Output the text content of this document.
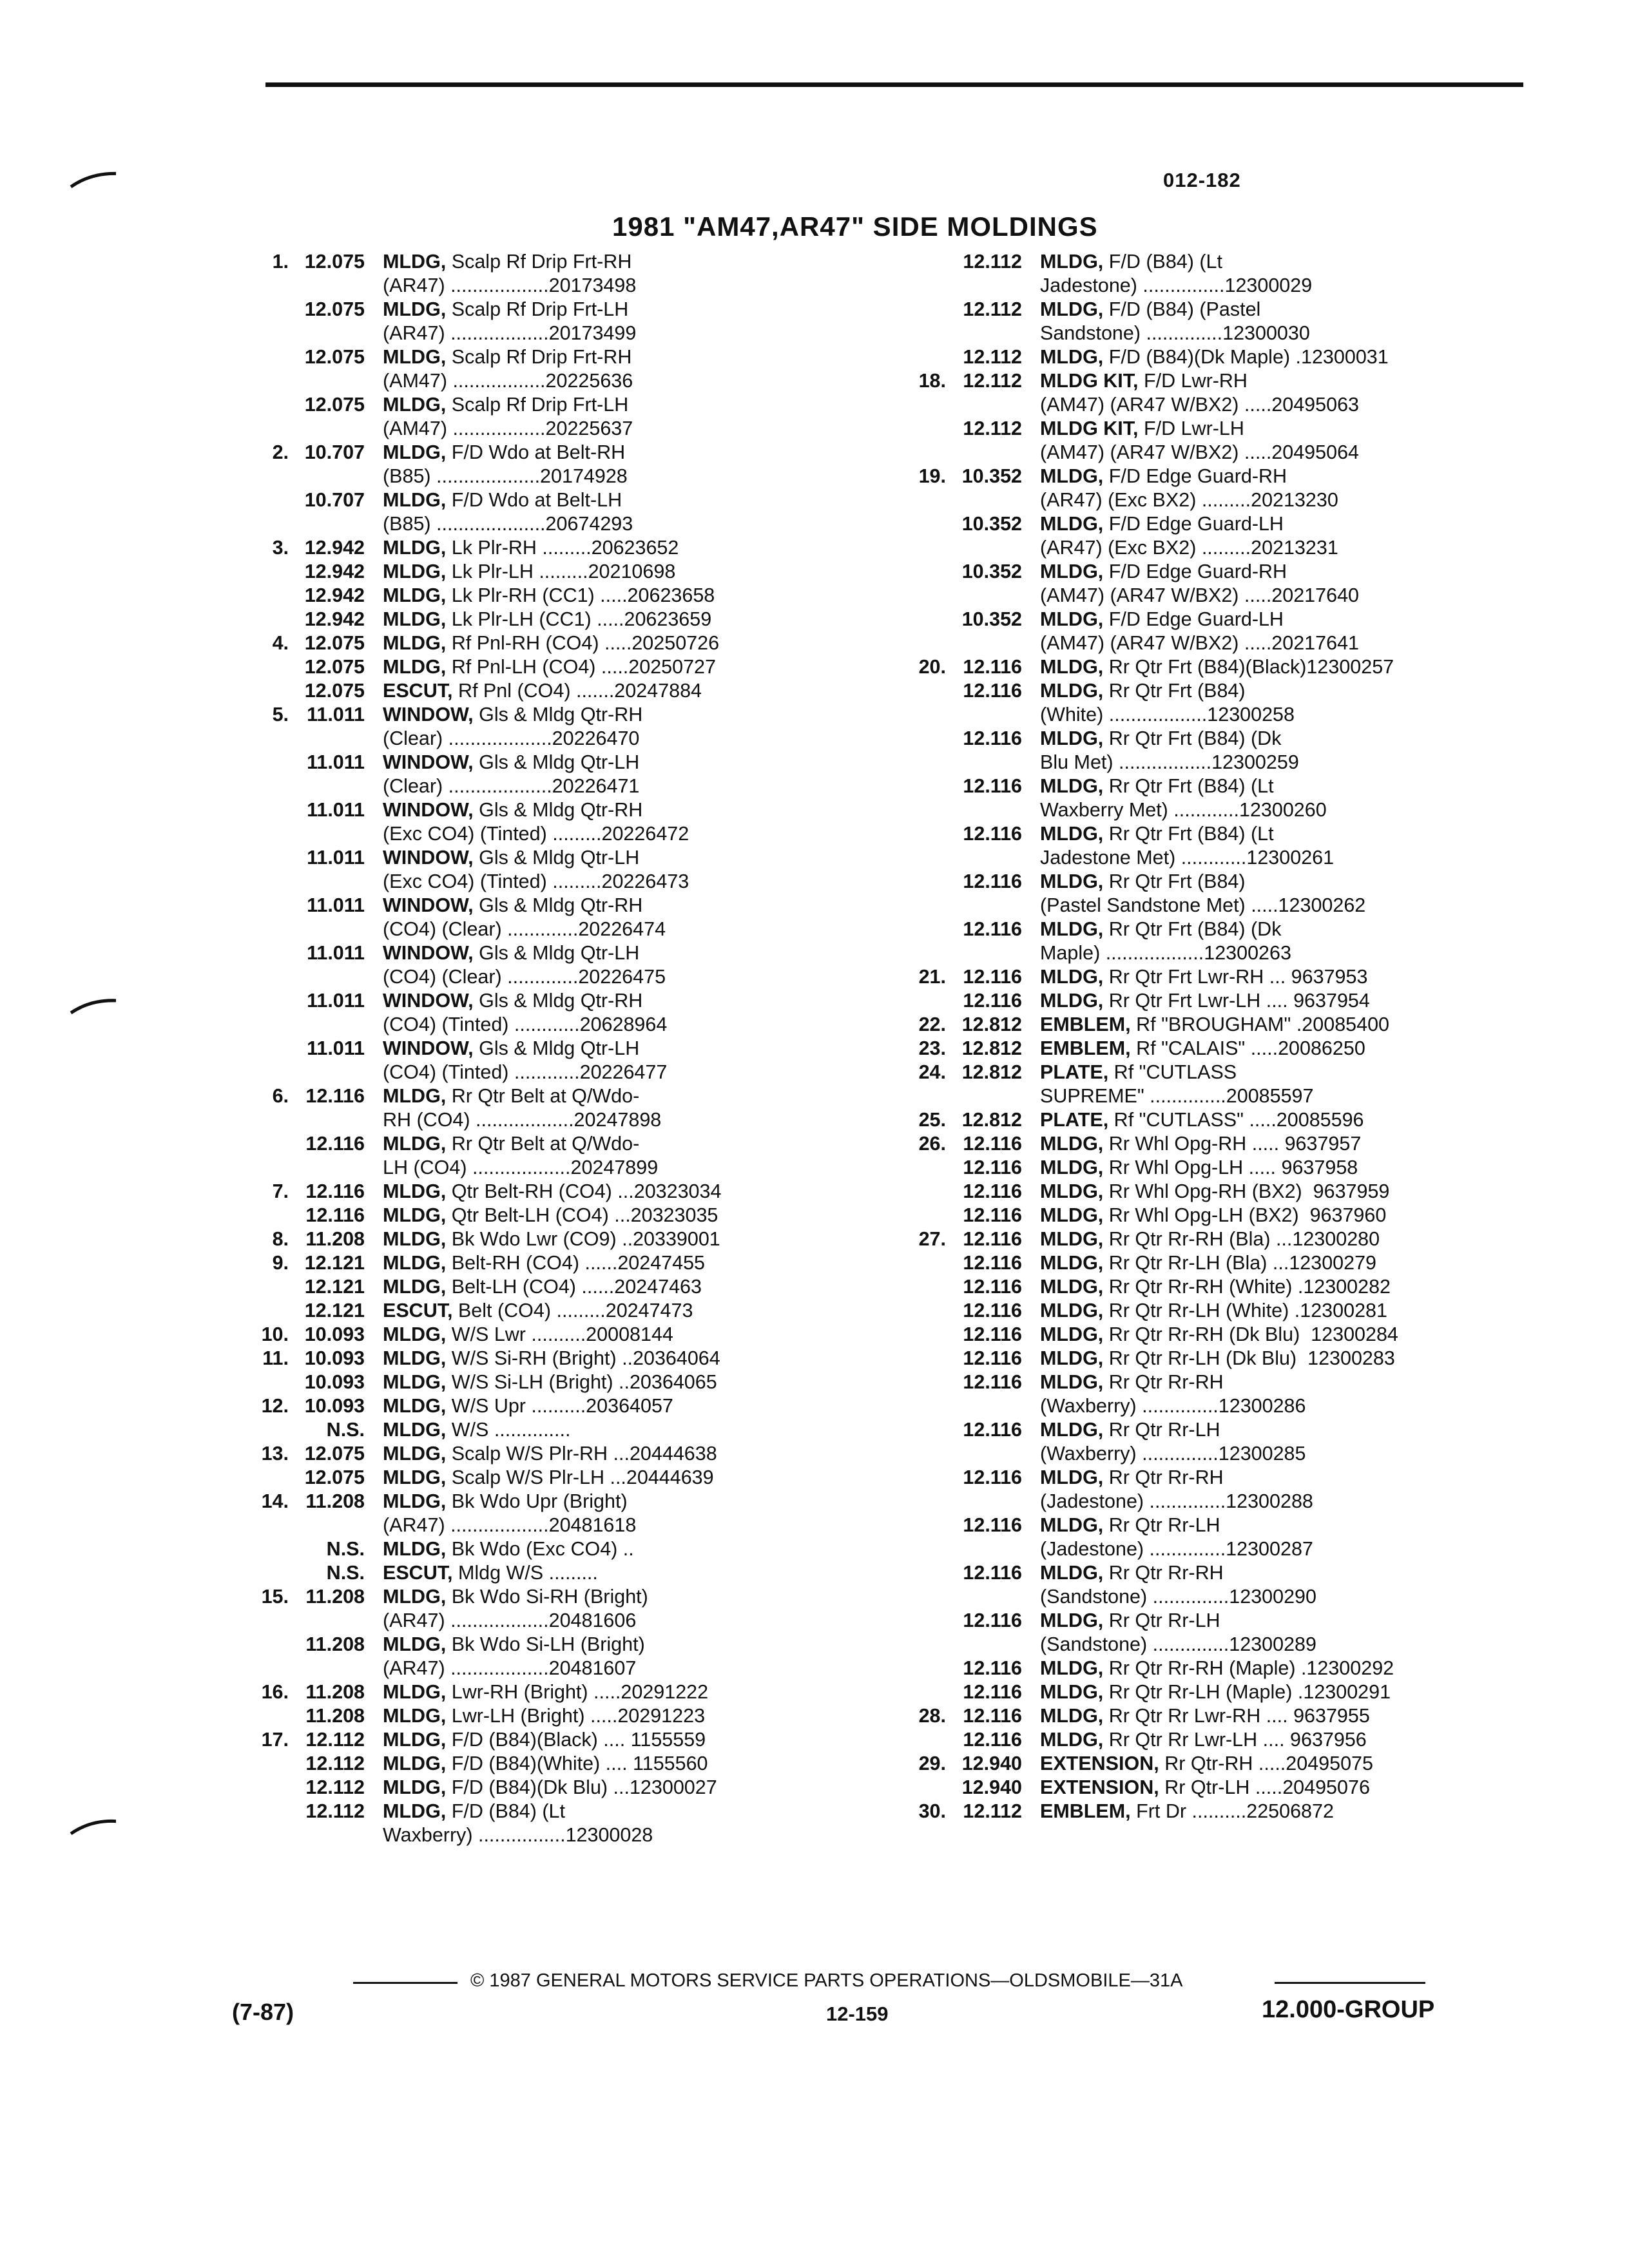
012-182
1981 "AM47,AR47" SIDE MOLDINGS
1. 12.075 MLDG, Scalp Rf Drip Frt-RH
(AR47) ..................20173498
12.075 MLDG, Scalp Rf Drip Frt-LH
(AR47) ..................20173499
12.075 MLDG, Scalp Rf Drip Frt-RH
(AM47) .................20225636
12.075 MLDG, Scalp Rf Drip Frt-LH
(AM47) .................20225637
2. 10.707 MLDG, F/D Wdo at Belt-RH
(B85) ...................20174928
10.707 MLDG, F/D Wdo at Belt-LH
(B85) ....................20674293
3. 12.942 MLDG, Lk Plr-RH .........20623652
12.942 MLDG, Lk Plr-LH .........20210698
12.942 MLDG, Lk Plr-RH (CC1) .....20623658
12.942 MLDG, Lk Plr-LH (CC1) .....20623659
4. 12.075 MLDG, Rf Pnl-RH (CO4) .....20250726
12.075 MLDG, Rf Pnl-LH (CO4) .....20250727
12.075 ESCUT, Rf Pnl (CO4) .......20247884
5. 11.011 WINDOW, Gls & Mldg Qtr-RH
(Clear) ...................20226470
11.011 WINDOW, Gls & Mldg Qtr-LH
(Clear) ...................20226471
11.011 WINDOW, Gls & Mldg Qtr-RH
(Exc CO4) (Tinted) .........20226472
11.011 WINDOW, Gls & Mldg Qtr-LH
(Exc CO4) (Tinted) .........20226473
11.011 WINDOW, Gls & Mldg Qtr-RH
(CO4) (Clear) .............20226474
11.011 WINDOW, Gls & Mldg Qtr-LH
(CO4) (Clear) .............20226475
11.011 WINDOW, Gls & Mldg Qtr-RH
(CO4) (Tinted) ............20628964
11.011 WINDOW, Gls & Mldg Qtr-LH
(CO4) (Tinted) ............20226477
6. 12.116 MLDG, Rr Qtr Belt at Q/Wdo-
RH (CO4) ..................20247898
12.116 MLDG, Rr Qtr Belt at Q/Wdo-
LH (CO4) ..................20247899
7. 12.116 MLDG, Qtr Belt-RH (CO4) ...20323034
12.116 MLDG, Qtr Belt-LH (CO4) ...20323035
8. 11.208 MLDG, Bk Wdo Lwr (CO9) ..20339001
9. 12.121 MLDG, Belt-RH (CO4) ......20247455
12.121 MLDG, Belt-LH (CO4) ......20247463
12.121 ESCUT, Belt (CO4) .........20247473
10. 10.093 MLDG, W/S Lwr ..........20008144
11. 10.093 MLDG, W/S Si-RH (Bright) ..20364064
10.093 MLDG, W/S Si-LH (Bright) ..20364065
12. 10.093 MLDG, W/S Upr ..........20364057
N.S. MLDG, W/S ..............
13. 12.075 MLDG, Scalp W/S Plr-RH ...20444638
12.075 MLDG, Scalp W/S Plr-LH ...20444639
14. 11.208 MLDG, Bk Wdo Upr (Bright)
(AR47) ..................20481618
N.S. MLDG, Bk Wdo (Exc CO4) ..
N.S. ESCUT, Mldg W/S .........
15. 11.208 MLDG, Bk Wdo Si-RH (Bright)
(AR47) ..................20481606
11.208 MLDG, Bk Wdo Si-LH (Bright)
(AR47) ..................20481607
16. 11.208 MLDG, Lwr-RH (Bright) .....20291222
11.208 MLDG, Lwr-LH (Bright) .....20291223
17. 12.112 MLDG, F/D (B84)(Black) .... 1155559
12.112 MLDG, F/D (B84)(White) .... 1155560
12.112 MLDG, F/D (B84)(Dk Blu) ...12300027
12.112 MLDG, F/D (B84) (Lt
Waxberry) ................12300028
12.112 MLDG, F/D (B84) (Lt
Jadestone) ...............12300029
12.112 MLDG, F/D (B84) (Pastel
Sandstone) ..............12300030
12.112 MLDG, F/D (B84)(Dk Maple) .12300031
18. 12.112 MLDG KIT, F/D Lwr-RH
(AM47) (AR47 W/BX2) .....20495063
12.112 MLDG KIT, F/D Lwr-LH
(AM47) (AR47 W/BX2) .....20495064
19. 10.352 MLDG, F/D Edge Guard-RH
(AR47) (Exc BX2) .........20213230
10.352 MLDG, F/D Edge Guard-LH
(AR47) (Exc BX2) .........20213231
10.352 MLDG, F/D Edge Guard-RH
(AM47) (AR47 W/BX2) .....20217640
10.352 MLDG, F/D Edge Guard-LH
(AM47) (AR47 W/BX2) .....20217641
20. 12.116 MLDG, Rr Qtr Frt (B84)(Black)12300257
12.116 MLDG, Rr Qtr Frt (B84)
(White) ..................12300258
12.116 MLDG, Rr Qtr Frt (B84) (Dk
Blu Met) .................12300259
12.116 MLDG, Rr Qtr Frt (B84) (Lt
Waxberry Met) ............12300260
12.116 MLDG, Rr Qtr Frt (B84) (Lt
Jadestone Met) ............12300261
12.116 MLDG, Rr Qtr Frt (B84)
(Pastel Sandstone Met) .....12300262
12.116 MLDG, Rr Qtr Frt (B84) (Dk
Maple) ..................12300263
21. 12.116 MLDG, Rr Qtr Frt Lwr-RH ... 9637953
12.116 MLDG, Rr Qtr Frt Lwr-LH .... 9637954
22. 12.812 EMBLEM, Rf "BROUGHAM" .20085400
23. 12.812 EMBLEM, Rf "CALAIS" .....20086250
24. 12.812 PLATE, Rf "CUTLASS
SUPREME" ..............20085597
25. 12.812 PLATE, Rf "CUTLASS" .....20085596
26. 12.116 MLDG, Rr Whl Opg-RH ..... 9637957
12.116 MLDG, Rr Whl Opg-LH ..... 9637958
12.116 MLDG, Rr Whl Opg-RH (BX2)  9637959
12.116 MLDG, Rr Whl Opg-LH (BX2)  9637960
27. 12.116 MLDG, Rr Qtr Rr-RH (Bla) ...12300280
12.116 MLDG, Rr Qtr Rr-LH (Bla) ...12300279
12.116 MLDG, Rr Qtr Rr-RH (White) .12300282
12.116 MLDG, Rr Qtr Rr-LH (White) .12300281
12.116 MLDG, Rr Qtr Rr-RH (Dk Blu)  12300284
12.116 MLDG, Rr Qtr Rr-LH (Dk Blu)  12300283
12.116 MLDG, Rr Qtr Rr-RH
(Waxberry) ..............12300286
12.116 MLDG, Rr Qtr Rr-LH
(Waxberry) ..............12300285
12.116 MLDG, Rr Qtr Rr-RH
(Jadestone) ..............12300288
12.116 MLDG, Rr Qtr Rr-LH
(Jadestone) ..............12300287
12.116 MLDG, Rr Qtr Rr-RH
(Sandstone) ..............12300290
12.116 MLDG, Rr Qtr Rr-LH
(Sandstone) ..............12300289
12.116 MLDG, Rr Qtr Rr-RH (Maple) .12300292
12.116 MLDG, Rr Qtr Rr-LH (Maple) .12300291
28. 12.116 MLDG, Rr Qtr Rr Lwr-RH .... 9637955
12.116 MLDG, Rr Qtr Rr Lwr-LH .... 9637956
29. 12.940 EXTENSION, Rr Qtr-RH .....20495075
12.940 EXTENSION, Rr Qtr-LH .....20495076
30. 12.112 EMBLEM, Frt Dr ..........22506872
(7-87)
© 1987 GENERAL MOTORS SERVICE PARTS OPERATIONS—OLDSMOBILE—31A
12-159	12.000-GROUP
